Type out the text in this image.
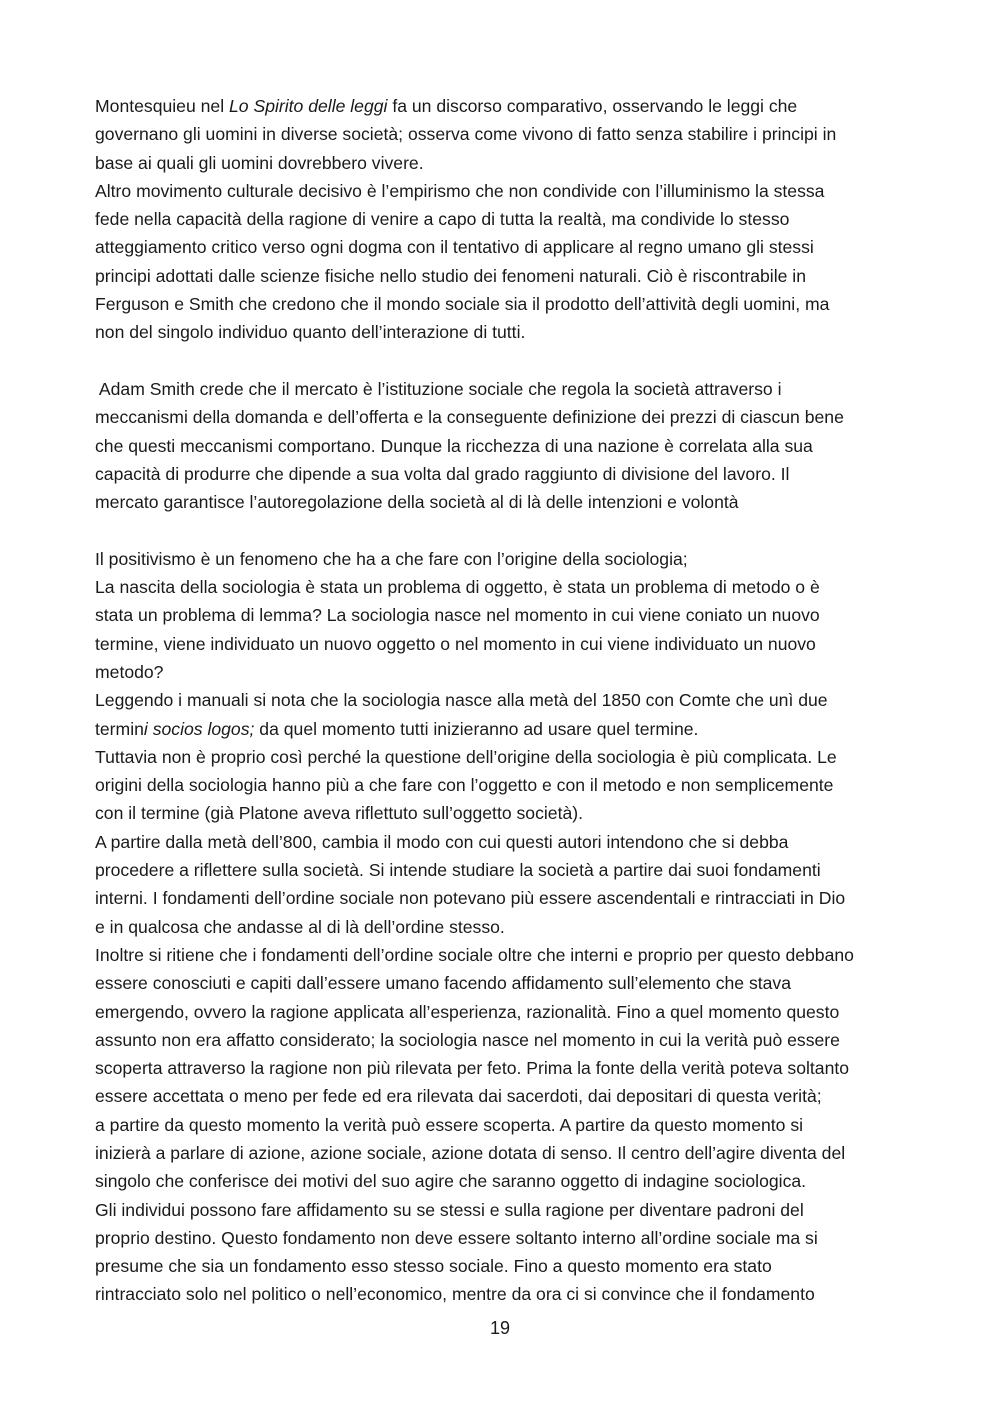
Montesquieu nel Lo Spirito delle leggi fa un discorso comparativo, osservando le leggi che
governano gli uomini in diverse società; osserva come vivono di fatto senza stabilire i principi in
base ai quali gli uomini dovrebbero vivere.
Altro movimento culturale decisivo è l’empirismo che non condivide con l’illuminismo la stessa
fede nella capacità della ragione di venire a capo di tutta la realtà, ma condivide lo stesso
atteggiamento critico verso ogni dogma con il tentativo di applicare al regno umano gli stessi
principi adottati dalle scienze fisiche nello studio dei fenomeni naturali. Ciò è riscontrabile in
Ferguson e Smith che credono che il mondo sociale sia il prodotto dell’attività degli uomini, ma
non del singolo individuo quanto dell’interazione di tutti.
Adam Smith crede che il mercato è l’istituzione sociale che regola la società attraverso i
meccanismi della domanda e dell’offerta e la conseguente definizione dei prezzi di ciascun bene
che questi meccanismi comportano. Dunque la ricchezza di una nazione è correlata alla sua
capacità di produrre che dipende a sua volta dal grado raggiunto di divisione del lavoro. Il
mercato garantisce l’autoregolazione della società al di là delle intenzioni e volontà
Il positivismo è un fenomeno che ha a che fare con l’origine della sociologia;
La nascita della sociologia è stata un problema di oggetto, è stata un problema di metodo o è
stata un problema di lemma? La sociologia nasce nel momento in cui viene coniato un nuovo
termine, viene individuato un nuovo oggetto o nel momento in cui viene individuato un nuovo
metodo?
Leggendo i manuali si nota che la sociologia nasce alla metà del 1850 con Comte che unì due
termini socios logos; da quel momento tutti inizieranno ad usare quel termine.
Tuttavia non è proprio così perché la questione dell’origine della sociologia è più complicata. Le
origini della sociologia hanno più a che fare con l’oggetto e con il metodo e non semplicemente
con il termine (già Platone aveva riflettuto sull’oggetto società).
A partire dalla metà dell’800, cambia il modo con cui questi autori intendono che si debba
procedere a riflettere sulla società. Si intende studiare la società a partire dai suoi fondamenti
interni. I fondamenti dell’ordine sociale non potevano più essere ascendentali e rintracciati in Dio
e in qualcosa che andasse al di là dell’ordine stesso.
Inoltre si ritiene che i fondamenti dell’ordine sociale oltre che interni e proprio per questo debbano
essere conosciuti e capiti dall’essere umano facendo affidamento sull’elemento che stava
emergendo, ovvero la ragione applicata all’esperienza, razionalità. Fino a quel momento questo
assunto non era affatto considerato; la sociologia nasce nel momento in cui la verità può essere
scoperta attraverso la ragione non più rilevata per feto. Prima la fonte della verità poteva soltanto
essere accettata o meno per fede ed era rilevata dai sacerdoti, dai depositari di questa verità;
a partire da questo momento la verità può essere scoperta. A partire da questo momento si
inizierà a parlare di azione, azione sociale, azione dotata di senso. Il centro dell’agire diventa del
singolo che conferisce dei motivi del suo agire che saranno oggetto di indagine sociologica.
Gli individui possono fare affidamento su se stessi e sulla ragione per diventare padroni del
proprio destino. Questo fondamento non deve essere soltanto interno all’ordine sociale ma si
presume che sia un fondamento esso stesso sociale. Fino a questo momento era stato
rintracciato solo nel politico o nell’economico, mentre da ora ci si convince che il fondamento
19
